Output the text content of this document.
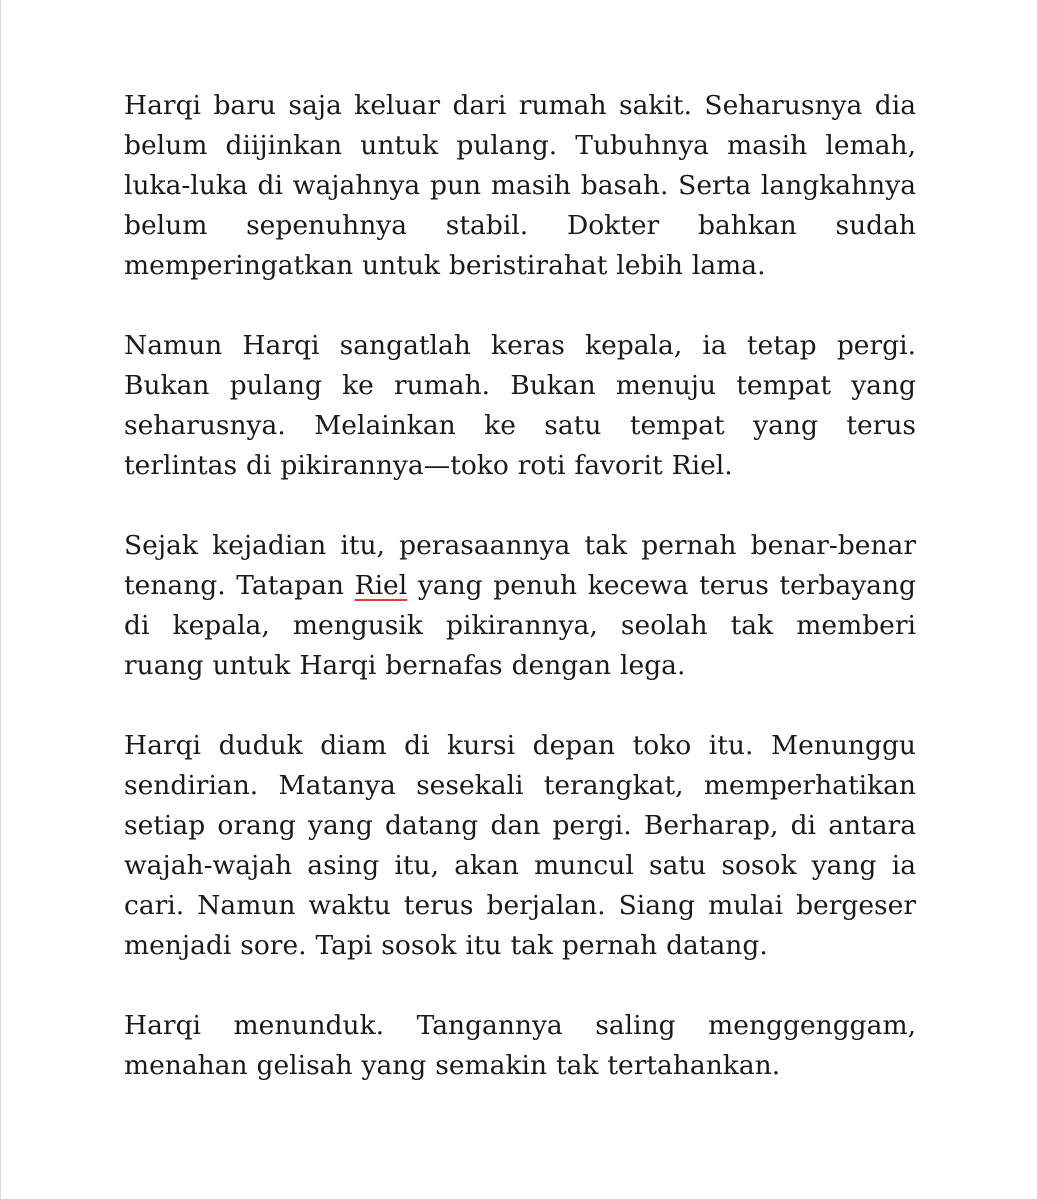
Harqi baru saja keluar dari rumah sakit. Seharusnya dia belum diijinkan untuk pulang. Tubuhnya masih lemah, luka-luka di wajahnya pun masih basah. Serta langkahnya belum sepenuhnya stabil. Dokter bahkan sudah memperingatkan untuk beristirahat lebih lama.

Namun Harqi sangatlah keras kepala, ia tetap pergi. Bukan pulang ke rumah. Bukan menuju tempat yang seharusnya. Melainkan ke satu tempat yang terus terlintas di pikirannya—toko roti favorit Riel.

Sejak kejadian itu, perasaannya tak pernah benar-benar tenang. Tatapan Riel yang penuh kecewa terus terbayang di kepala, mengusik pikirannya, seolah tak memberi ruang untuk Harqi bernafas dengan lega.

Harqi duduk diam di kursi depan toko itu. Menunggu sendirian. Matanya sesekali terangkat, memperhatikan setiap orang yang datang dan pergi. Berharap, di antara wajah-wajah asing itu, akan muncul satu sosok yang ia cari. Namun waktu terus berjalan. Siang mulai bergeser menjadi sore. Tapi sosok itu tak pernah datang.

Harqi menunduk. Tangannya saling menggenggam, menahan gelisah yang semakin tak tertahankan.
